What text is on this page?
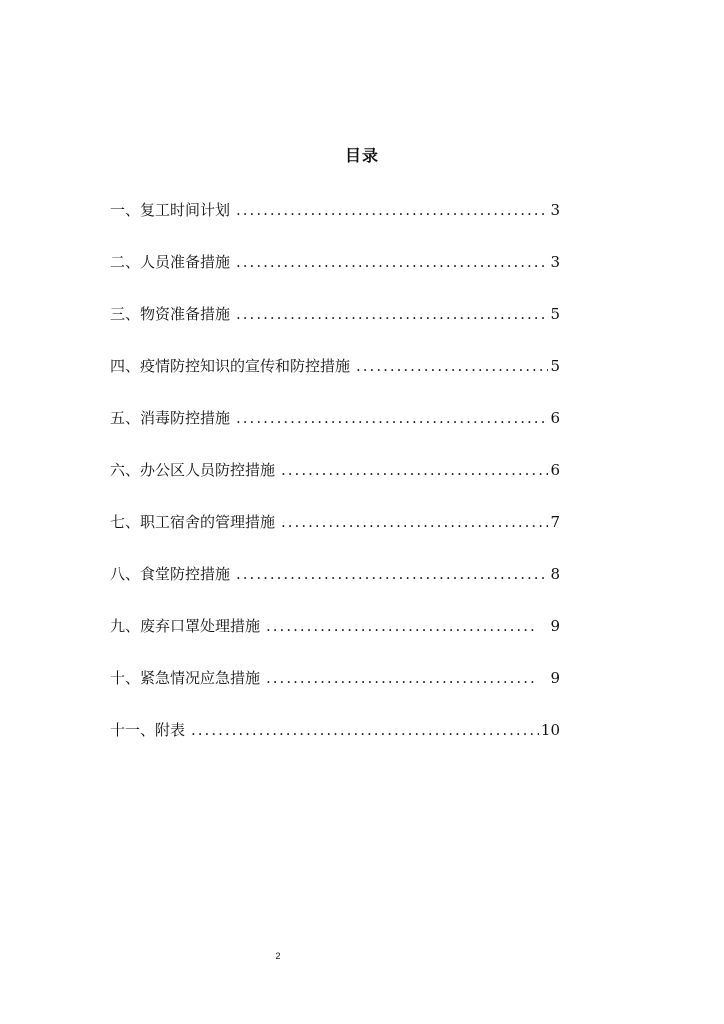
目录
一、复工时间计划 .....	3
二、人员准备措施 .....	3
三、物资准备措施 .....	5
四、疫情防控知识的宣传和防控措施 .....	5
五、消毒防控措施 .....	6
六、办公区人员防控措施 .....	6
七、职工宿舍的管理措施 .....	7
八、食堂防控措施 .....	8
九、废弃口罩处理措施 .....	9
十、紧急情况应急措施 .....	9
十一、附表 .....	10
2
